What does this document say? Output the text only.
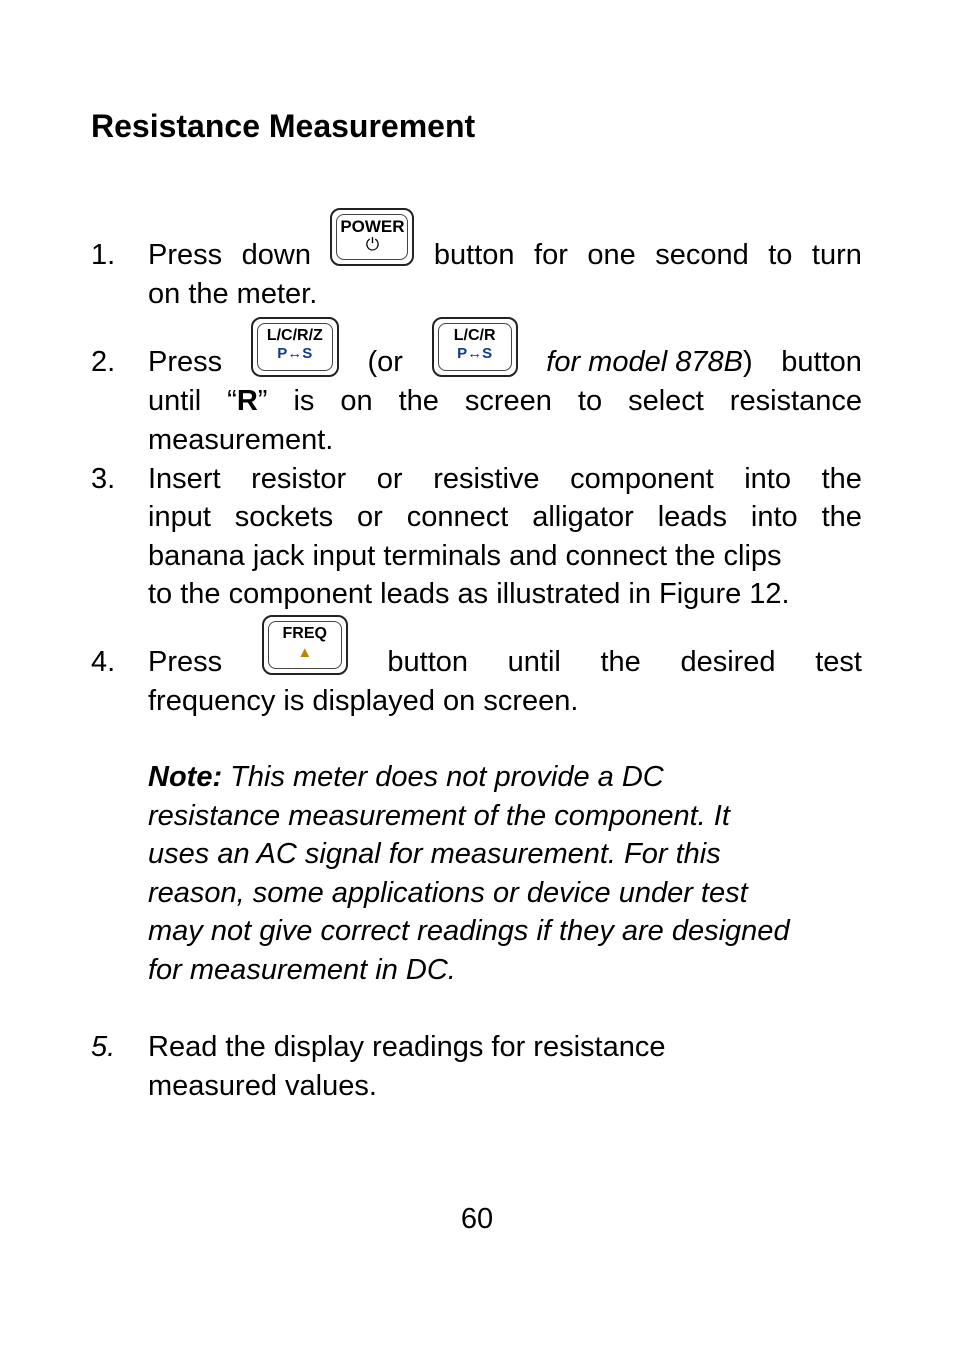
Resistance Measurement
1. Press down
POWER
⏻	button for one second to turn
on the meter.
2. Press
L/C/R/Z
P↔S	(or
L/C/R
P↔S	for model 878B) button
until “R” is on the screen to select resistance
measurement.
3. Insert resistor or resistive component into the
input sockets or connect alligator leads into the
banana jack input terminals and connect the clips
to the component leads as illustrated in Figure 12.
4. Press
FREQ
▲	button until the desired test
frequency is displayed on screen.
Note: This meter does not provide a DC
resistance measurement of the component. It
uses an AC signal for measurement. For this
reason, some applications or device under test
may not give correct readings if they are designed
for measurement in DC.
5. Read the display readings for resistance
measured values.
60
